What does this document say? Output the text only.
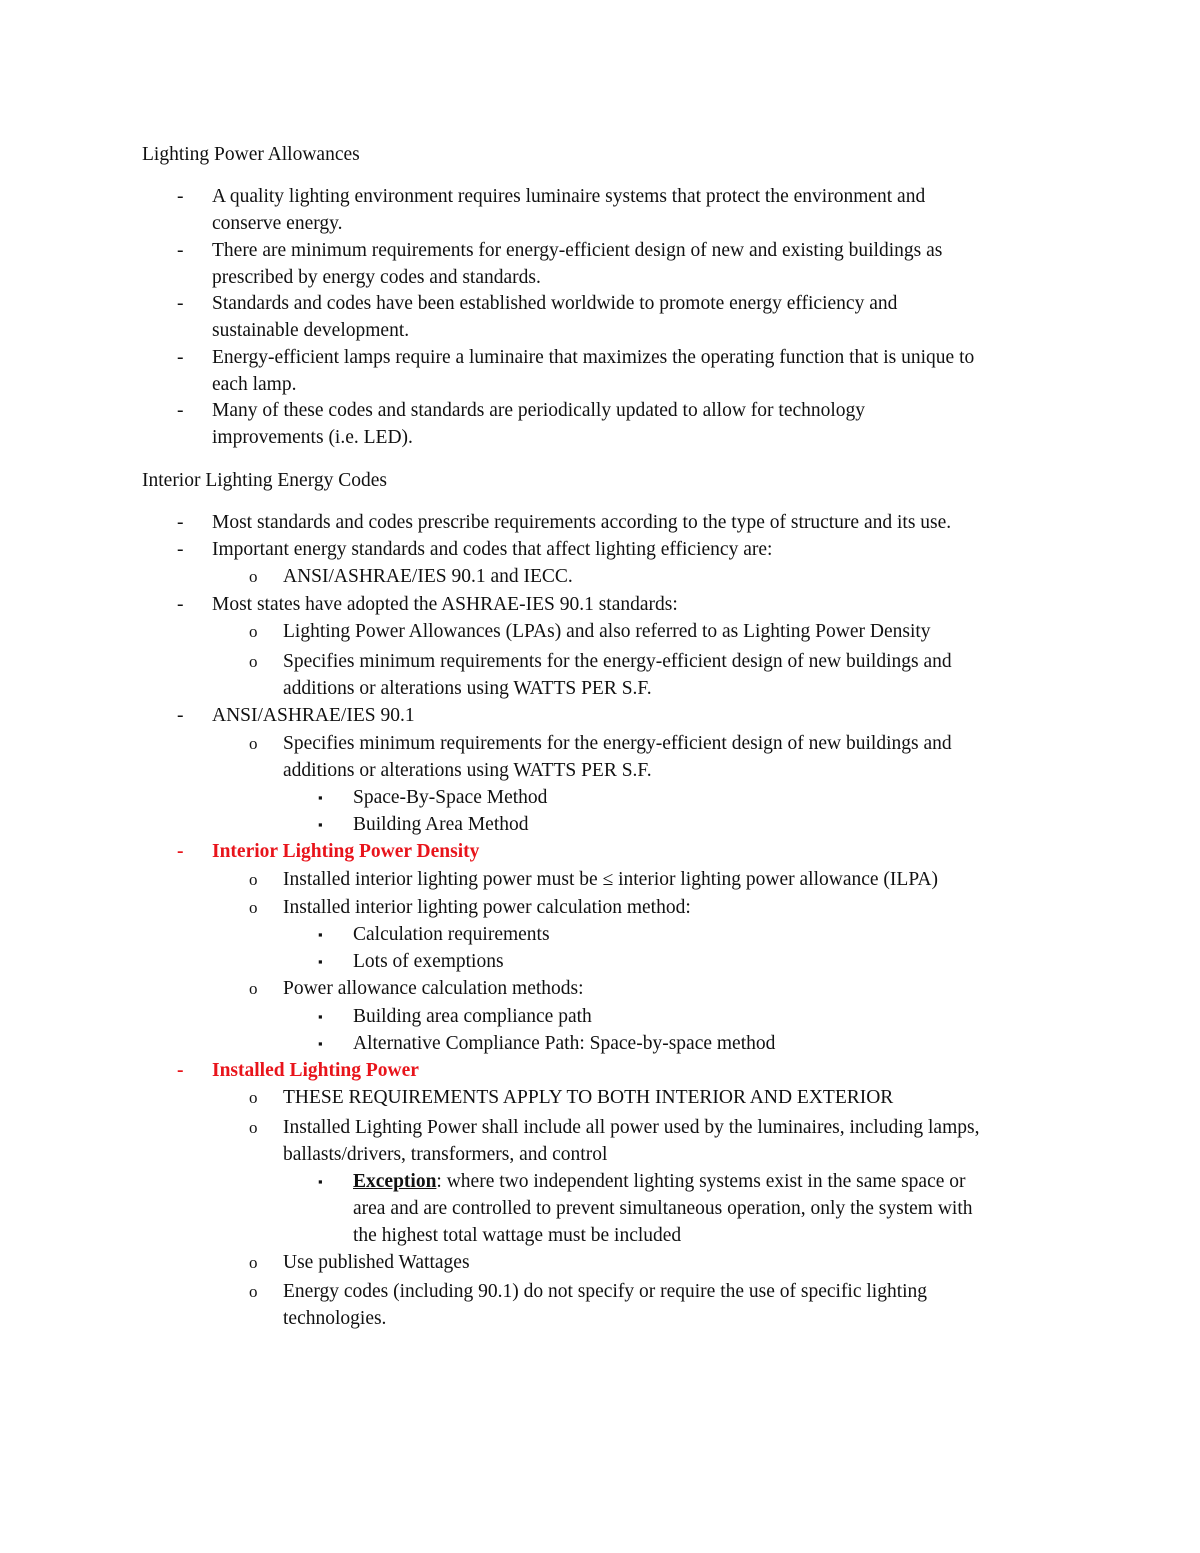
Lighting Power Allowances
- A quality lighting environment requires luminaire systems that protect the environment and
conserve energy.
- There are minimum requirements for energy-efficient design of new and existing buildings as
prescribed by energy codes and standards.
- Standards and codes have been established worldwide to promote energy efficiency and
sustainable development.
- Energy-efficient lamps require a luminaire that maximizes the operating function that is unique to
each lamp.
- Many of these codes and standards are periodically updated to allow for technology
improvements (i.e. LED).
Interior Lighting Energy Codes
- Most standards and codes prescribe requirements according to the type of structure and its use.
- Important energy standards and codes that affect lighting efficiency are:
o ANSI/ASHRAE/IES 90.1 and IECC.
- Most states have adopted the ASHRAE-IES 90.1 standards:
o Lighting Power Allowances (LPAs) and also referred to as Lighting Power Density
o Specifies minimum requirements for the energy-efficient design of new buildings and
additions or alterations using WATTS PER S.F.
- ANSI/ASHRAE/IES 90.1
o Specifies minimum requirements for the energy-efficient design of new buildings and
additions or alterations using WATTS PER S.F.
▪ Space-By-Space Method
▪ Building Area Method
- Interior Lighting Power Density
o Installed interior lighting power must be ≤ interior lighting power allowance (ILPA)
o Installed interior lighting power calculation method:
▪ Calculation requirements
▪ Lots of exemptions
o Power allowance calculation methods:
▪ Building area compliance path
▪ Alternative Compliance Path: Space-by-space method
- Installed Lighting Power
o THESE REQUIREMENTS APPLY TO BOTH INTERIOR AND EXTERIOR
o Installed Lighting Power shall include all power used by the luminaires, including lamps,
ballasts/drivers, transformers, and control
▪ Exception: where two independent lighting systems exist in the same space or
area and are controlled to prevent simultaneous operation, only the system with
the highest total wattage must be included
o Use published Wattages
o Energy codes (including 90.1) do not specify or require the use of specific lighting
technologies.
